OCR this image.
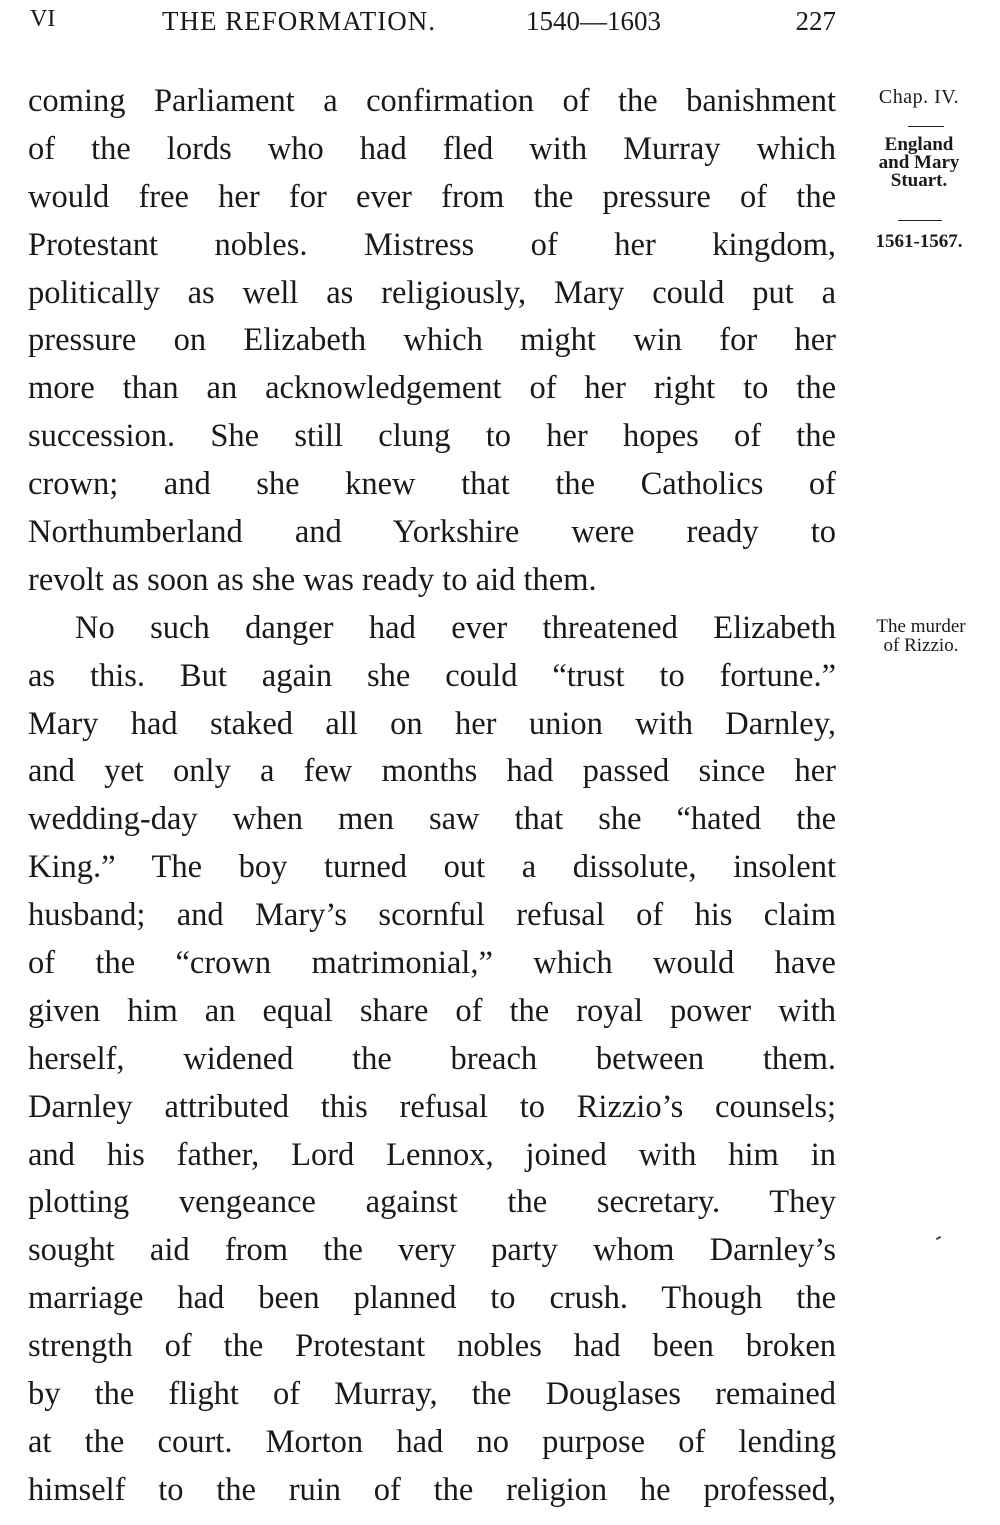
VI	THE REFORMATION.	1540—1603	227
coming Parliament a confirmation of the banishment
of the lords who had fled with Murray which
would free her for ever from the pressure of the
Protestant nobles. Mistress of her kingdom,
politically as well as religiously, Mary could put a
pressure on Elizabeth which might win for her
more than an acknowledgement of her right to the
succession. She still clung to her hopes of the
crown; and she knew that the Catholics of
Northumberland and Yorkshire were ready to
revolt as soon as she was ready to aid them.
No such danger had ever threatened Elizabeth
as this. But again she could “trust to fortune.”
Mary had staked all on her union with Darnley,
and yet only a few months had passed since her
wedding-day when men saw that she “hated the
King.” The boy turned out a dissolute, insolent
husband; and Mary’s scornful refusal of his claim
of the “crown matrimonial,” which would have
given him an equal share of the royal power with
herself, widened the breach between them.
Darnley attributed this refusal to Rizzio’s counsels;
and his father, Lord Lennox, joined with him in
plotting vengeance against the secretary. They
sought aid from the very party whom Darnley’s
marriage had been planned to crush. Though the
strength of the Protestant nobles had been broken
by the flight of Murray, the Douglases remained
at the court. Morton had no purpose of lending
himself to the ruin of the religion he professed,
Chap. IV.
England
and Mary
Stuart.
1561-1567.
The murder
of Rizzio.
